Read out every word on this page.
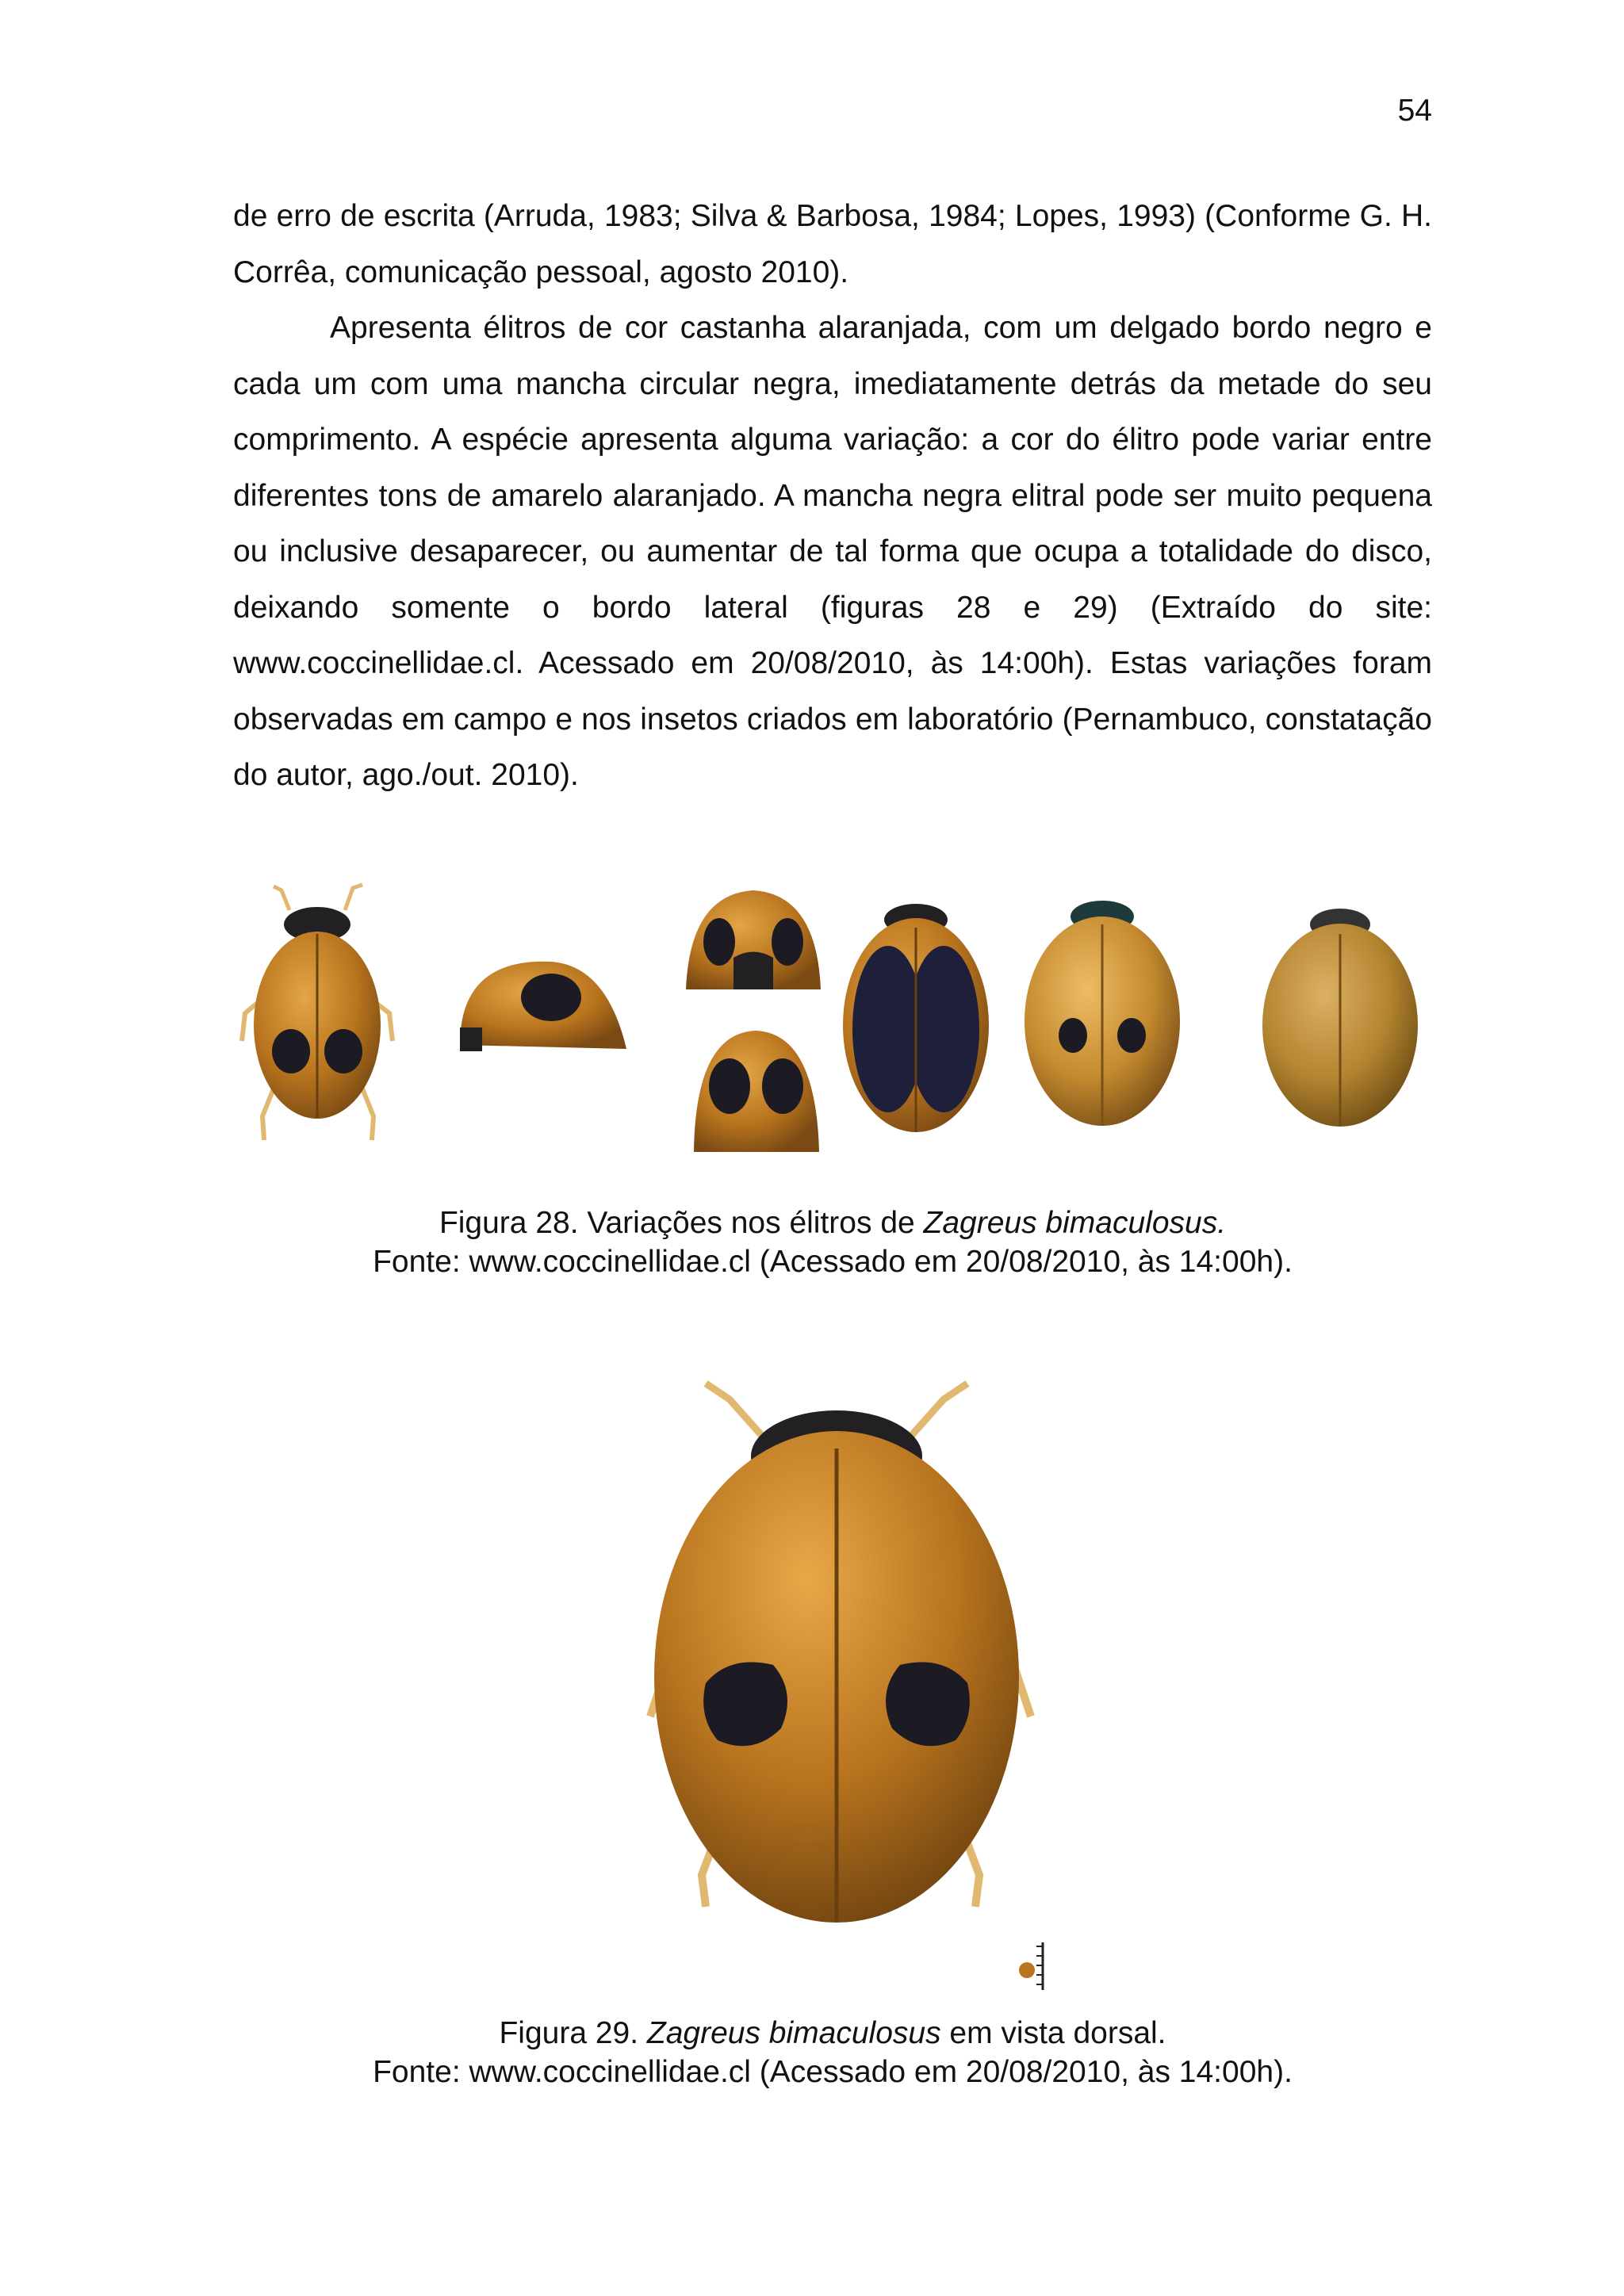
54

de erro de escrita (Arruda, 1983; Silva & Barbosa, 1984; Lopes, 1993) (Conforme G. H. Corrêa, comunicação pessoal, agosto 2010).

Apresenta élitros de cor castanha alaranjada, com um delgado bordo negro e cada um com uma mancha circular negra, imediatamente detrás da metade do seu comprimento. A espécie apresenta alguma variação: a cor do élitro pode variar entre diferentes tons de amarelo alaranjado. A mancha negra elitral pode ser muito pequena ou inclusive desaparecer, ou aumentar de tal forma que ocupa a totalidade do disco, deixando somente o bordo lateral (figuras 28 e 29) (Extraído do site: www.coccinellidae.cl. Acessado em 20/08/2010, às 14:00h). Estas variações foram observadas em campo e nos insetos criados em laboratório (Pernambuco, constatação do autor, ago./out. 2010).

Figura 28. Variações nos élitros de Zagreus bimaculosus.
Fonte: www.coccinellidae.cl (Acessado em 20/08/2010, às 14:00h).
Figura 29. Zagreus bimaculosus em vista dorsal.
Fonte: www.coccinellidae.cl (Acessado em 20/08/2010, às 14:00h).
